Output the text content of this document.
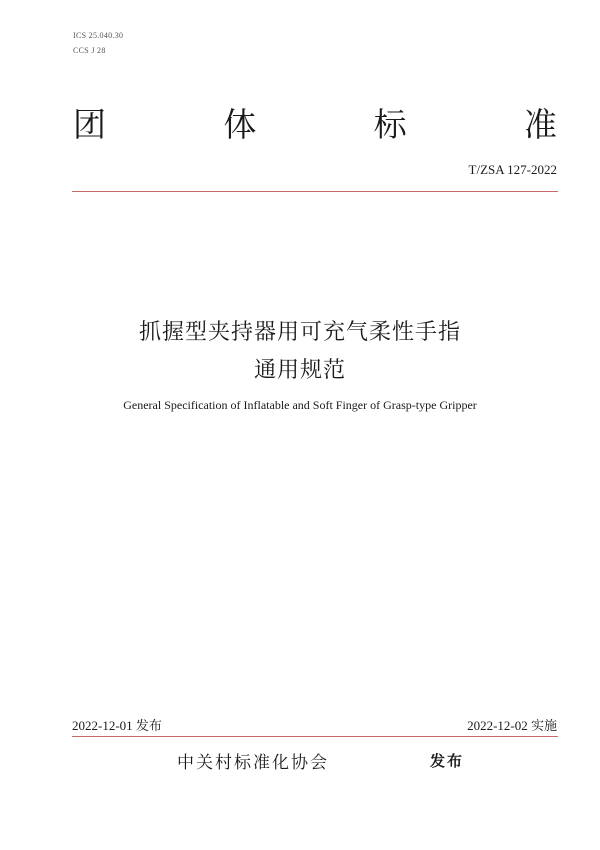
ICS 25.040.30
CCS J 28
团	体	标	准
T/ZSA 127-2022
抓握型夹持器用可充气柔性手指
通用规范
General Specification of Inflatable and Soft Finger of Grasp-type Gripper
2022-12-01 发布	2022-12-02 实施
中关村标准化协会	发布
